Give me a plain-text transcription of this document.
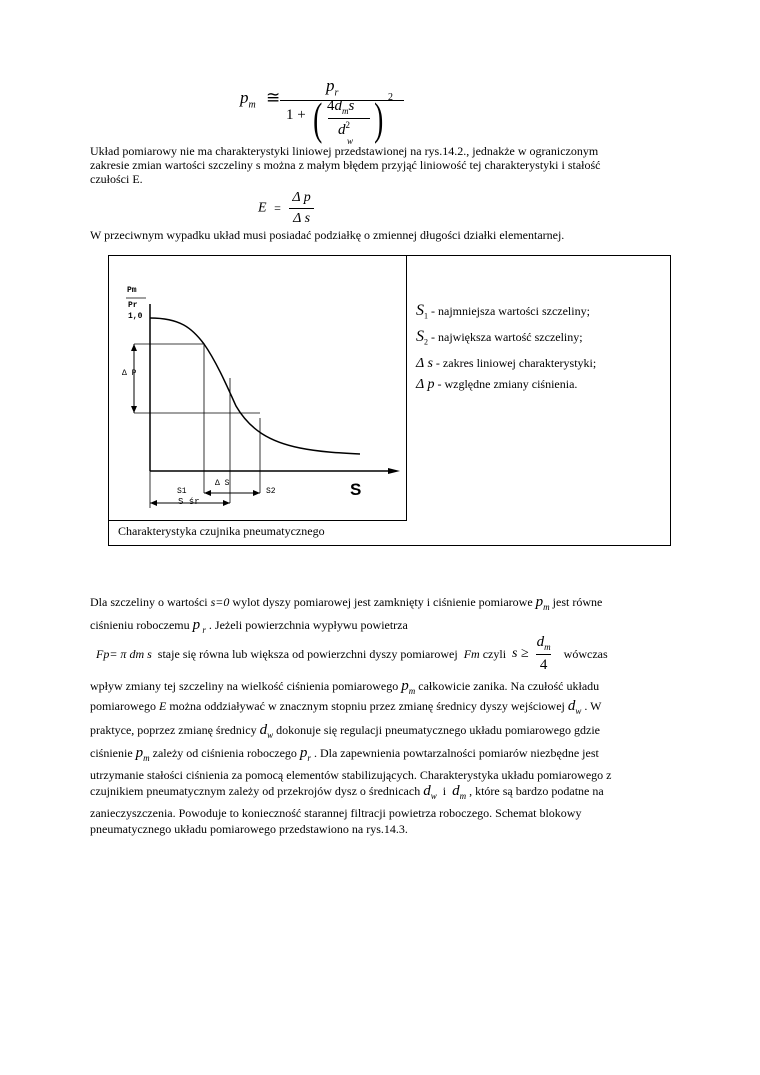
$p_m$ ≅
$p_r$
1 + ( $4d_ms$
$d^2$
w ) 2
Układ pomiarowy nie ma charakterystyki liniowej przedstawionej na rys.14.2., jednakże w ograniczonym
zakresie zmian wartości szczeliny s można z małym błędem przyjąć liniowość tej charakterystyki i stałość
czułości E.
$E = \frac{\text{Δ p}}{\text{Δ s}}$
W przeciwnym wypadku układ musi posiadać podziałkę o zmiennej długości działki elementarnej.
Charakterystyka czujnika pneumatycznego
Pm
Pr
1,0
Δ P
S1
Δ S
S2	S
S śr
$S_1$ - najmniejsza wartości szczeliny;
$S_2$ - największa wartość szczeliny;
Δ s - zakres liniowej charakterystyki;
Δ p - względne zmiany ciśnienia.
Dla szczeliny o wartości s=0 wylot dyszy pomiarowej jest zamknięty i ciśnienie pomiarowe $p_m$ jest równe
ciśnieniu roboczemu p $_r$ . Jeżeli powierzchnia wypływu powietrza
Fp= π dm s staje się równa lub większa od powierzchni dyszy pomiarowej Fm czyli $s \ge \frac{d_m}{4}$ wówczas
wpływ zmiany tej szczeliny na wielkość ciśnienia pomiarowego $p_m$ całkowicie zanika. Na czułość układu
pomiarowego E można oddziaływać w znacznym stopniu przez zmianę średnicy dyszy wejściowej $d_w$ . W
praktyce, poprzez zmianę średnicy $d_w$ dokonuje się regulacji pneumatycznego układu pomiarowego gdzie
ciśnienie $p_m$ zależy od ciśnienia roboczego $p_r$ . Dla zapewnienia powtarzalności pomiarów niezbędne jest
utrzymanie stałości ciśnienia za pomocą elementów stabilizujących. Charakterystyka układu pomiarowego z
czujnikiem pneumatycznym zależy od przekrojów dysz o średnicach $d_w$  i  $d_m$ , które są bardzo podatne na
zanieczyszczenia. Powoduje to konieczność starannej filtracji powietrza roboczego. Schemat blokowy
pneumatycznego układu pomiarowego przedstawiono na rys.14.3.
